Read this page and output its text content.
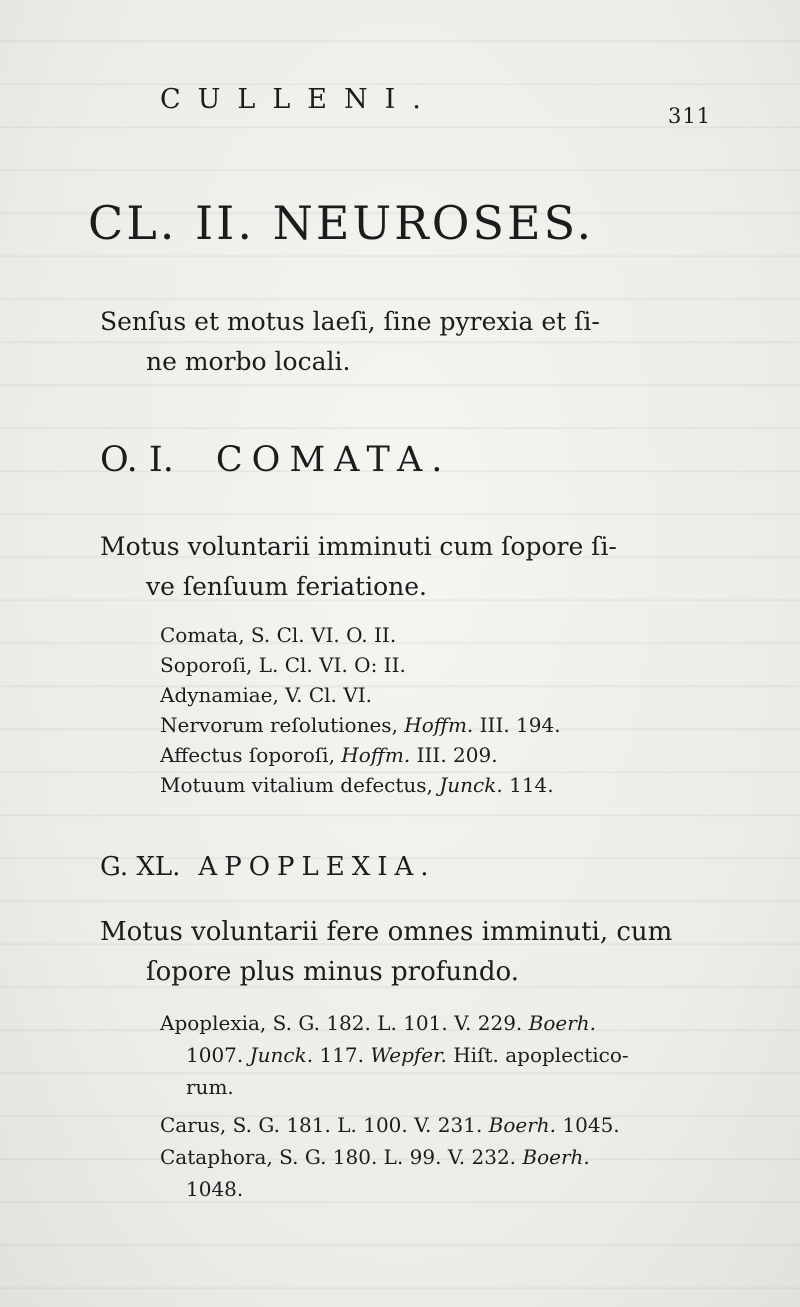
CULLENI.
311
CL. II. NEUROSES.
Senſus et motus laeſi, ſine pyrexia et ſi-
ne morbo locali.
O. I. COMATA.
Motus voluntarii imminuti cum ſopore ſi-
ve ſenſuum feriatione.
Comata, S. Cl. VI. O. II.
Soporoſi, L. Cl. VI. O: II.
Adynamiae, V. Cl. VI.
Nervorum reſolutiones, Hoffm. III. 194.
Affectus ſoporoſi, Hoffm. III. 209.
Motuum vitalium defectus, Junck. 114.
G. XL. APOPLEXIA.
Motus voluntarii fere omnes imminuti, cum
ſopore plus minus profundo.
Apoplexia, S. G. 182. L. 101. V. 229. Boerh.
1007. Junck. 117. Wepfer. Hiſt. apoplecticо-
rum.
Carus, S. G. 181. L. 100. V. 231. Boerh. 1045.
Cataphora, S. G. 180. L. 99. V. 232. Boerh.
1048.
